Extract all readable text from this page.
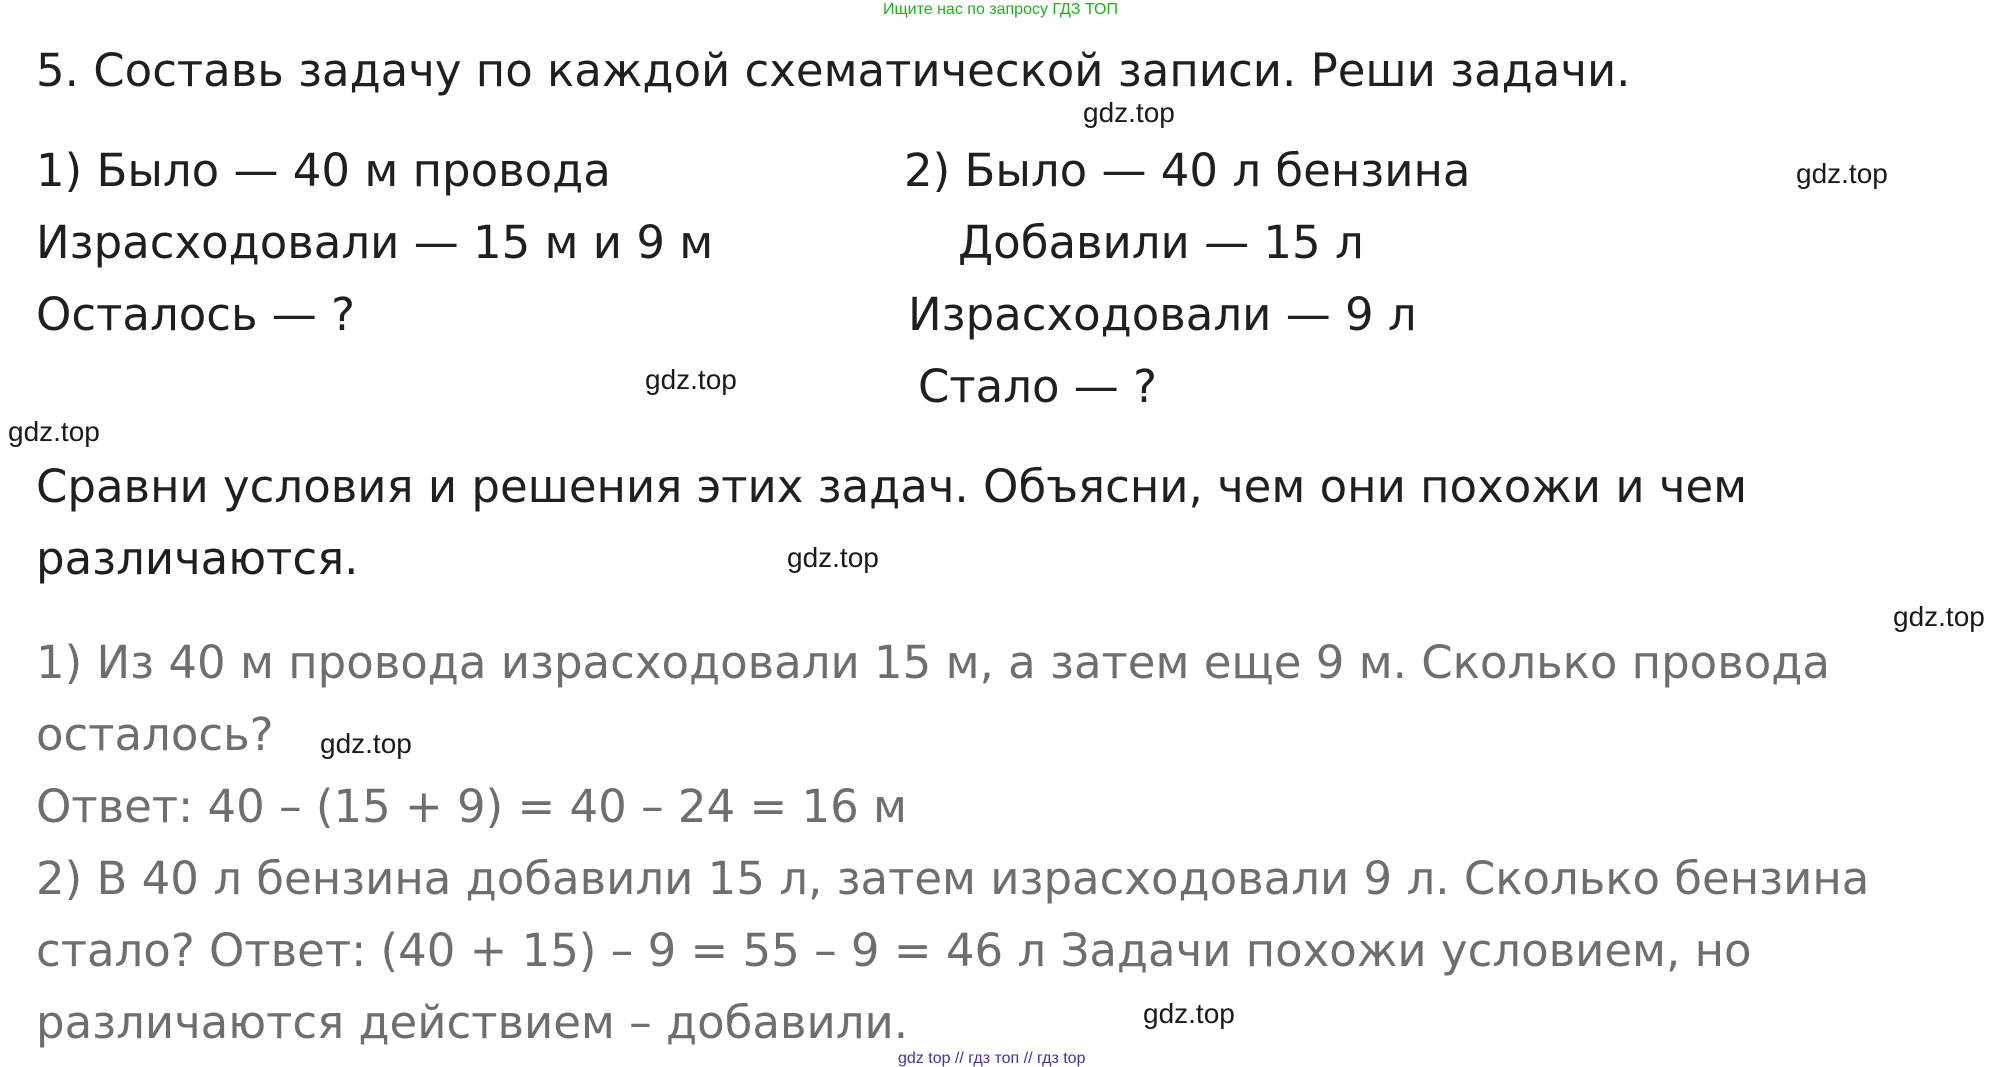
Ищите нас по запросу ГДЗ ТОП
5. Составь задачу по каждой схематической записи. Реши задачи.
1) Было — 40 м провода
Израсходовали — 15 м и 9 м
Осталось — ?
2) Было — 40 л бензина
Добавили — 15 л
Израсходовали — 9 л
Стало — ?
Сравни условия и решения этих задач. Объясни, чем они похожи и чем
различаются.
1) Из 40 м провода израсходовали 15 м, а затем еще 9 м. Сколько провода
осталось?
Ответ: 40 – (15 + 9) = 40 – 24 = 16 м
2) В 40 л бензина добавили 15 л, затем израсходовали 9 л. Сколько бензина
стало? Ответ: (40 + 15) – 9 = 55 – 9 = 46 л Задачи похожи условием, но
различаются действием – добавили.
gdz.top
gdz.top
gdz.top
gdz.top
gdz.top
gdz.top
gdz.top
gdz.top
gdz top // гдз топ // гдз top
